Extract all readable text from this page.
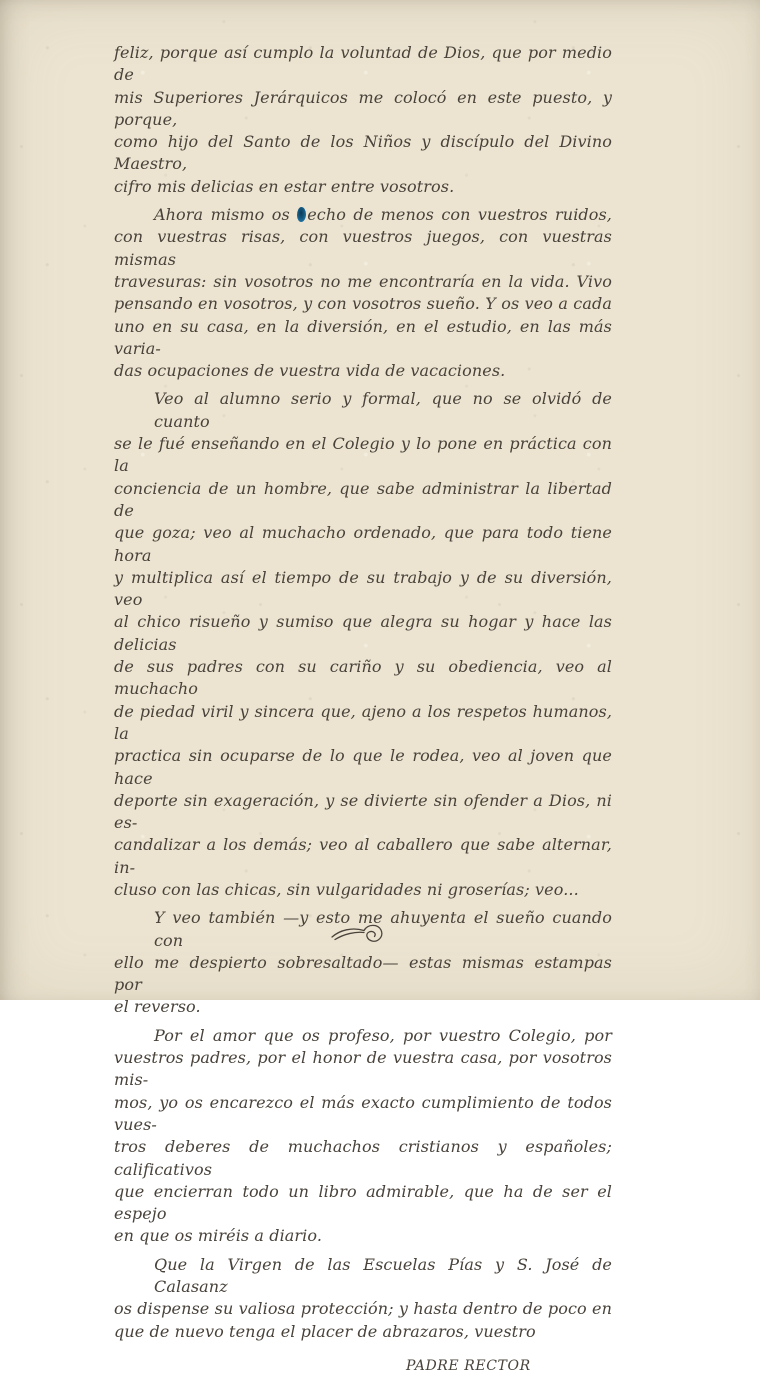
feliz, porque así cumplo la voluntad de Dios, que por medio de
mis Superiores Jerárquicos me colocó en este puesto, y porque,
como hijo del Santo de los Niños y discípulo del Divino Maestro,
cifro mis delicias en estar entre vosotros.
Ahora mismo os echo de menos con vuestros ruidos,
con vuestras risas, con vuestros juegos, con vuestras mismas
travesuras: sin vosotros no me encontraría en la vida. Vivo
pensando en vosotros, y con vosotros sueño. Y os veo a cada
uno en su casa, en la diversión, en el estudio, en las más varia-
das ocupaciones de vuestra vida de vacaciones.
Veo al alumno serio y formal, que no se olvidó de cuanto
se le fué enseñando en el Colegio y lo pone en práctica con la
conciencia de un hombre, que sabe administrar la libertad de
que goza; veo al muchacho ordenado, que para todo tiene hora
y multiplica así el tiempo de su trabajo y de su diversión, veo
al chico risueño y sumiso que alegra su hogar y hace las delicias
de sus padres con su cariño y su obediencia, veo al muchacho
de piedad viril y sincera que, ajeno a los respetos humanos, la
practica sin ocuparse de lo que le rodea, veo al joven que hace
deporte sin exageración, y se divierte sin ofender a Dios, ni es-
candalizar a los demás; veo al caballero que sabe alternar, in-
cluso con las chicas, sin vulgaridades ni groserías; veo...
Y veo también —y esto me ahuyenta el sueño cuando con
ello me despierto sobresaltado— estas mismas estampas por
el reverso.
Por el amor que os profeso, por vuestro Colegio, por
vuestros padres, por el honor de vuestra casa, por vosotros mis-
mos, yo os encarezco el más exacto cumplimiento de todos vues-
tros deberes de muchachos cristianos y españoles; calificativos
que encierran todo un libro admirable, que ha de ser el espejo
en que os miréis a diario.
Que la Virgen de las Escuelas Pías y S. José de Calasanz
os dispense su valiosa protección; y hasta dentro de poco en
que de nuevo tenga el placer de abrazaros, vuestro
PADRE RECTOR
